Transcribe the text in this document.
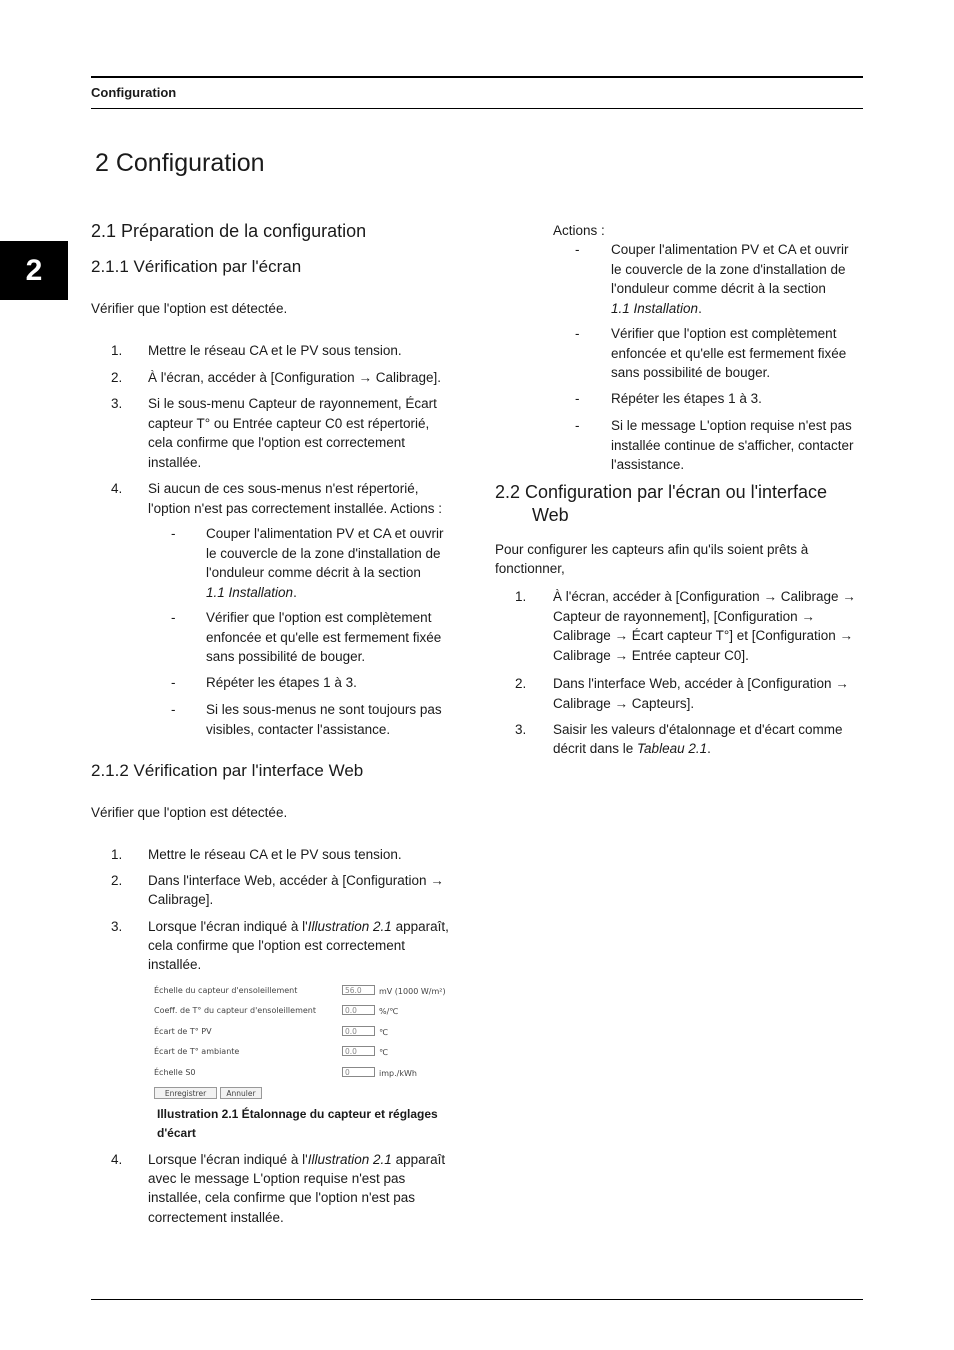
Configuration
2
2 Configuration
2.1 Préparation de la configuration
2.1.1 Vérification par l'écran
Vérifier que l'option est détectée.
1. Mettre le réseau CA et le PV sous tension.
2. À l'écran, accéder à [Configuration → Calibrage].
3. Si le sous-menu Capteur de rayonnement, Écart
capteur T° ou Entrée capteur C0 est répertorié,
cela confirme que l'option est correctement
installée.
4. Si aucun de ces sous-menus n'est répertorié,
l'option n'est pas correctement installée. Actions :
- Couper l'alimentation PV et CA et ouvrir
le couvercle de la zone d'installation de
l'onduleur comme décrit à la section
1.1 Installation.
- Vérifier que l'option est complètement
enfoncée et qu'elle est fermement fixée
sans possibilité de bouger.
- Répéter les étapes 1 à 3.
- Si les sous-menus ne sont toujours pas
visibles, contacter l'assistance.
2.1.2 Vérification par l'interface Web
Vérifier que l'option est détectée.
1. Mettre le réseau CA et le PV sous tension.
2. Dans l'interface Web, accéder à [Configuration →
Calibrage].
3. Lorsque l'écran indiqué à l'Illustration 2.1 apparaît,
cela confirme que l'option est correctement
installée.
Échelle du capteur d'ensoleillement	56.0	mV (1000 W/m²)
Coeff. de T° du capteur d'ensoleillement	0.0	%/℃
Écart de T° PV	0.0	℃
Écart de T° ambiante	0.0	℃
Échelle S0	0	imp./kWh
Enregistrer	Annuler
Illustration 2.1 Étalonnage du capteur et réglages
d'écart
4. Lorsque l'écran indiqué à l'Illustration 2.1 apparaît
avec le message L'option requise n'est pas
installée, cela confirme que l'option n'est pas
correctement installée.
Actions :
- Couper l'alimentation PV et CA et ouvrir
le couvercle de la zone d'installation de
l'onduleur comme décrit à la section
1.1 Installation.
- Vérifier que l'option est complètement
enfoncée et qu'elle est fermement fixée
sans possibilité de bouger.
- Répéter les étapes 1 à 3.
- Si le message L'option requise n'est pas
installée continue de s'afficher, contacter
l'assistance.
2.2 Configuration par l'écran ou l'interface
Web
Pour configurer les capteurs afin qu'ils soient prêts à
fonctionner,
1. À l'écran, accéder à [Configuration → Calibrage →
Capteur de rayonnement], [Configuration →
Calibrage → Écart capteur T°] et [Configuration →
Calibrage → Entrée capteur C0].
2. Dans l'interface Web, accéder à [Configuration →
Calibrage → Capteurs].
3. Saisir les valeurs d'étalonnage et d'écart comme
décrit dans le Tableau 2.1.
